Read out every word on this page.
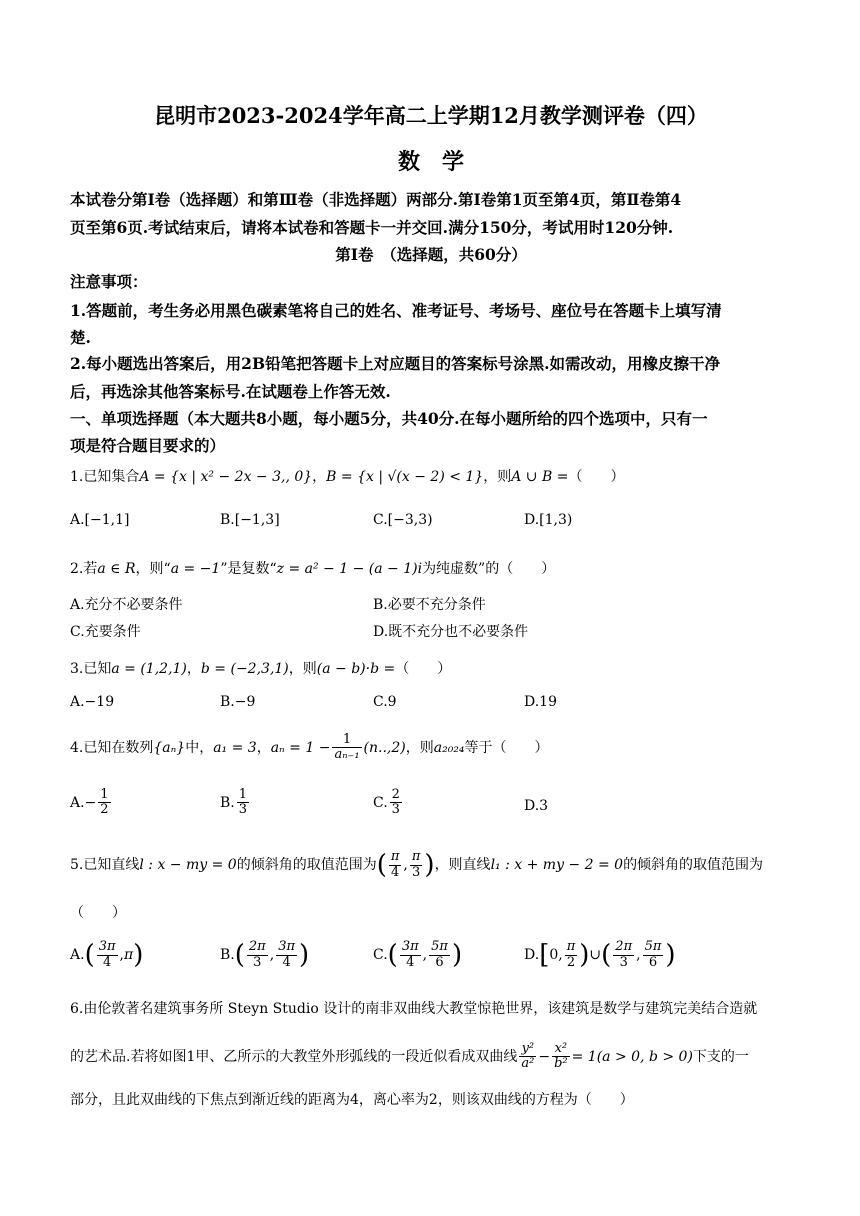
昆明市2023-2024学年高二上学期12月教学测评卷（四）
数学
本试卷分第Ⅰ卷（选择题）和第Ⅲ卷（非选择题）两部分.第Ⅰ卷第1页至第4页，第Ⅱ卷第4
页至第6页.考试结束后，请将本试卷和答题卡一并交回.满分150分，考试用时120分钟.
第Ⅰ卷　（选择题，共60分）
注意事项：
1.答题前，考生务必用黑色碳素笔将自己的姓名、准考证号、考场号、座位号在答题卡上填写清
楚.
2.每小题选出答案后，用2B铅笔把答题卡上对应题目的答案标号涂黑.如需改动，用橡皮擦干净
后，再选涂其他答案标号.在试题卷上作答无效.
一、单项选择题（本大题共8小题，每小题5分，共40分.在每小题所给的四个选项中，只有一
项是符合题目要求的）
1.已知集合A = {x | x² − 2x − 3,, 0}，B = {x | √(x − 2) < 1}，则A ∪ B =（　　）
A.[−1,1]	B.[−1,3]	C.[−3,3)	D.[1,3)
2.若a ∈ R，则“a = −1”是复数“z = a² − 1 − (a − 1)i为纯虚数”的（　　）
A.充分不必要条件	B.必要不充分条件
C.充要条件	D.既不充分也不必要条件
3.已知a = (1,2,1)，b = (−2,3,1)，则(a − b)·b =（　　）
A.−19	B.−9	C.9	D.19
4.已知在数列{aₙ}中，a₁ = 3，$a_n = 1 - \frac{1}{\text{aₙ₋₁}} (n..,2)$，则a₂₀₂₄等于（　　）
$A.- \frac{1}{2}$	B. $\frac{1}{3}$	C. $\frac{2}{3}$	D.3
5.已知直线l : x − my = 0的倾斜角的取值范围为( $\frac{\pi}{4}$ , $\frac{\pi}{3}$ )，则直线l₁ : x + my − 2 = 0的倾斜角的取值范围为
（　　）
$A.( \frac{3\pi}{4} ,\pi)$	$B.( \frac{2\pi}{3}$ , $\frac{3\pi}{4}$ )	$C.( \frac{3\pi}{4}$ , $\frac{5\pi}{6}$ )	D.[0, $\frac{\pi}{2}$ )∪( $\frac{2\pi}{3}$ , $\frac{5\pi}{6}$ )
6.由伦敦著名建筑事务所 Steyn Studio 设计的南非双曲线大教堂惊艳世界，该建筑是数学与建筑完美结合造就
的艺术品.若将如图1甲、乙所示的大教堂外形弧线的一段近似看成双曲线 $\frac{\text{y²}}{\text{a²}} - \frac{\text{x²}}{\text{b²}} = 1(a > 0$, b > 0)下支的一
部分，且此双曲线的下焦点到渐近线的距离为4，离心率为2，则该双曲线的方程为（　　）
